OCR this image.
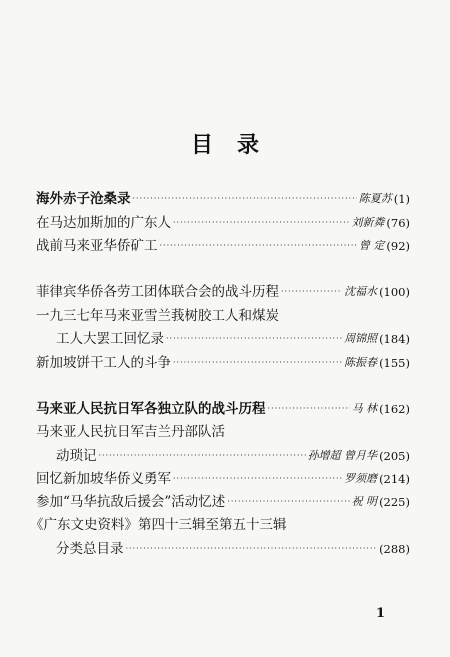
目 录
海外赤子沧桑录 ·····	陈夏苏 (1)
在马达加斯加的广东人 ·····	刘新粦 (76)
战前马来亚华侨矿工 ·····	曾 定 (92)
菲律宾华侨各劳工团体联合会的战斗历程 ·····	沈福水 (100)
一九三七年马来亚雪兰莪树胶工人和煤炭
工人大罢工回忆录 ·····	周锦照 (184)
新加坡饼干工人的斗争 ·····	陈振春 (155)
马来亚人民抗日军各独立队的战斗历程 ·····	马 林 (162)
马来亚人民抗日军吉兰丹部队活
动琐记 ·····	孙增超 曾月华 (205)
回忆新加坡华侨义勇军 ·····	罗须磨 (214)
参加“马华抗敌后援会”活动忆述 ·····	祝 明 (225)
《广东文史资料》第四十三辑至第五十三辑
分类总目录 ·····	(288)
1
